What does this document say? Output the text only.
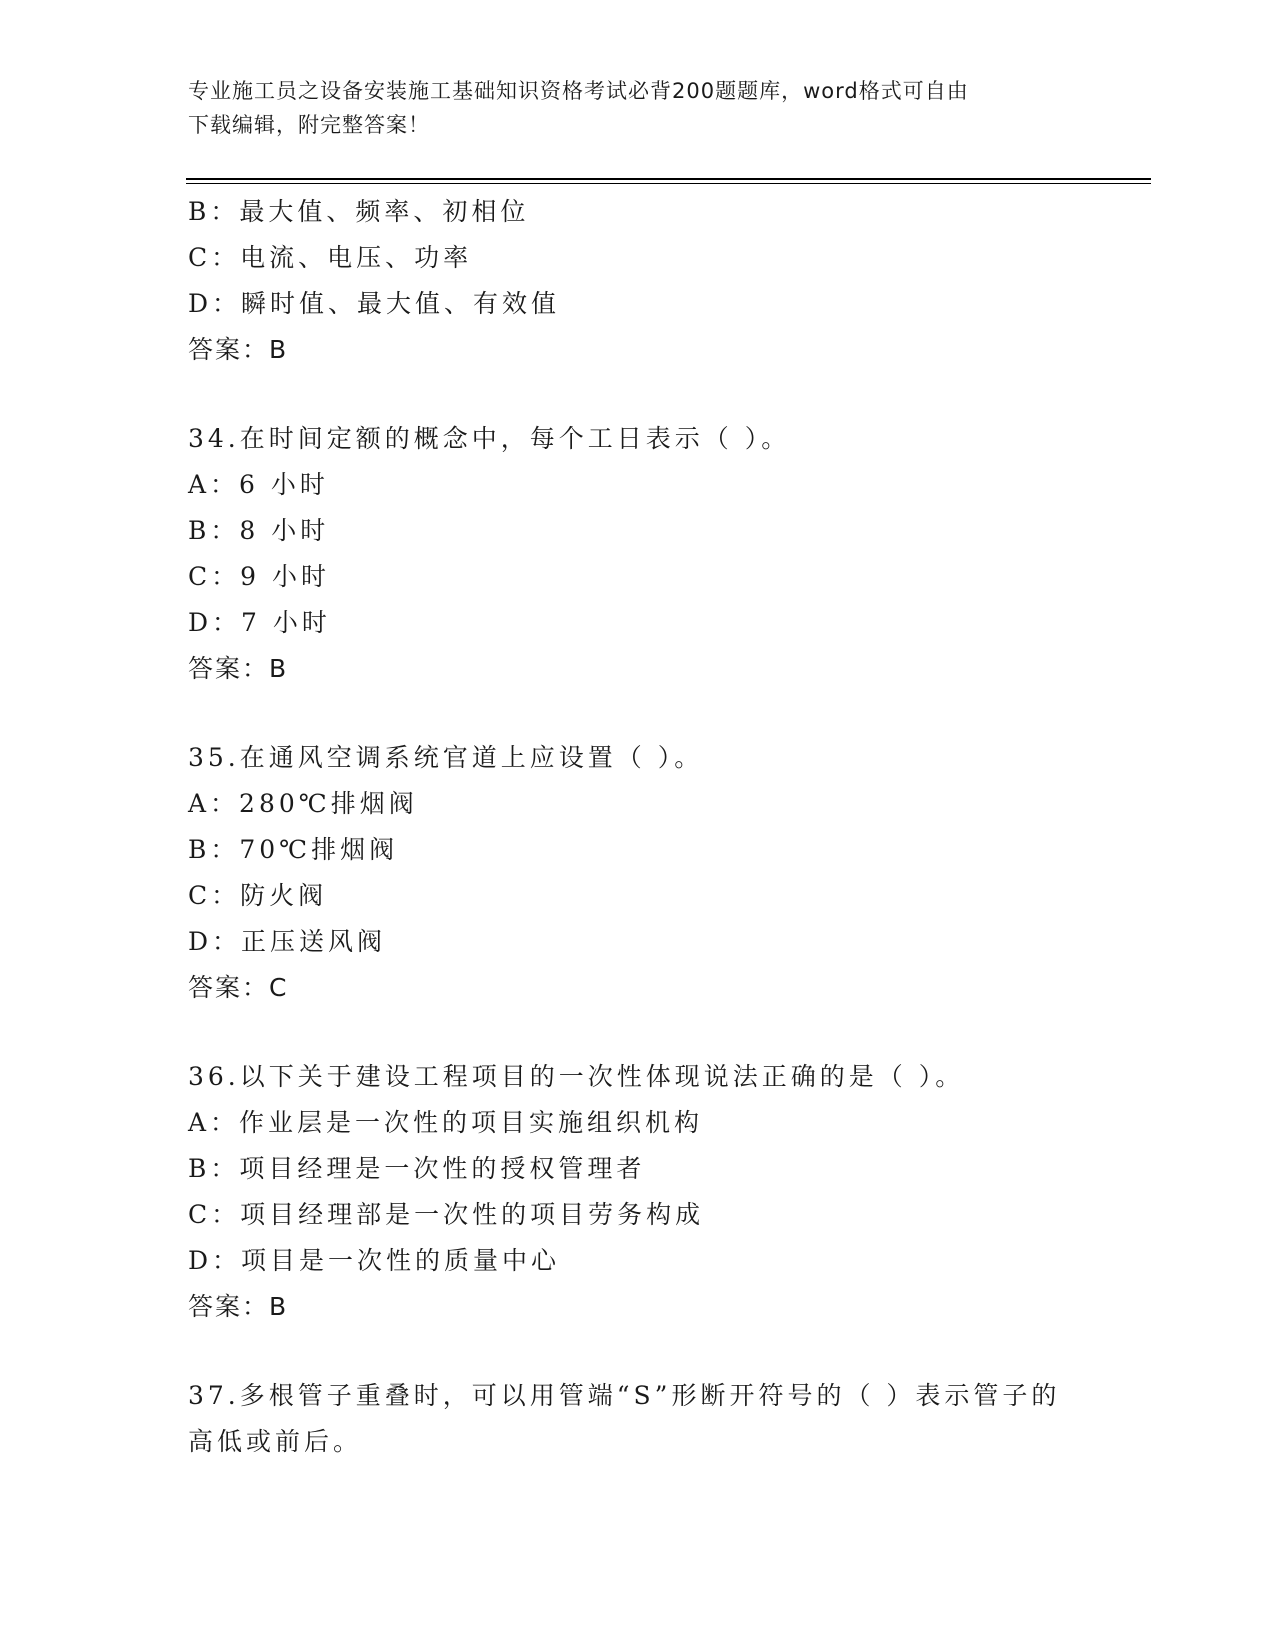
专业施工员之设备安装施工基础知识资格考试必背200题题库，word格式可自由
下载编辑，附完整答案！
B：最大值、频率、初相位
C：电流、电压、功率
D：瞬时值、最大值、有效值
答案：B
34.在时间定额的概念中，每个工日表示（ ）。
A：6 小时
B：8 小时
C：9 小时
D：7 小时
答案：B
35.在通风空调系统官道上应设置（ ）。
A：280℃排烟阀
B：70℃排烟阀
C：防火阀
D：正压送风阀
答案：C
36.以下关于建设工程项目的一次性体现说法正确的是（ ）。
A：作业层是一次性的项目实施组织机构
B：项目经理是一次性的授权管理者
C：项目经理部是一次性的项目劳务构成
D：项目是一次性的质量中心
答案：B
37.多根管子重叠时，可以用管端“S”形断开符号的（ ）表示管子的
高低或前后。
